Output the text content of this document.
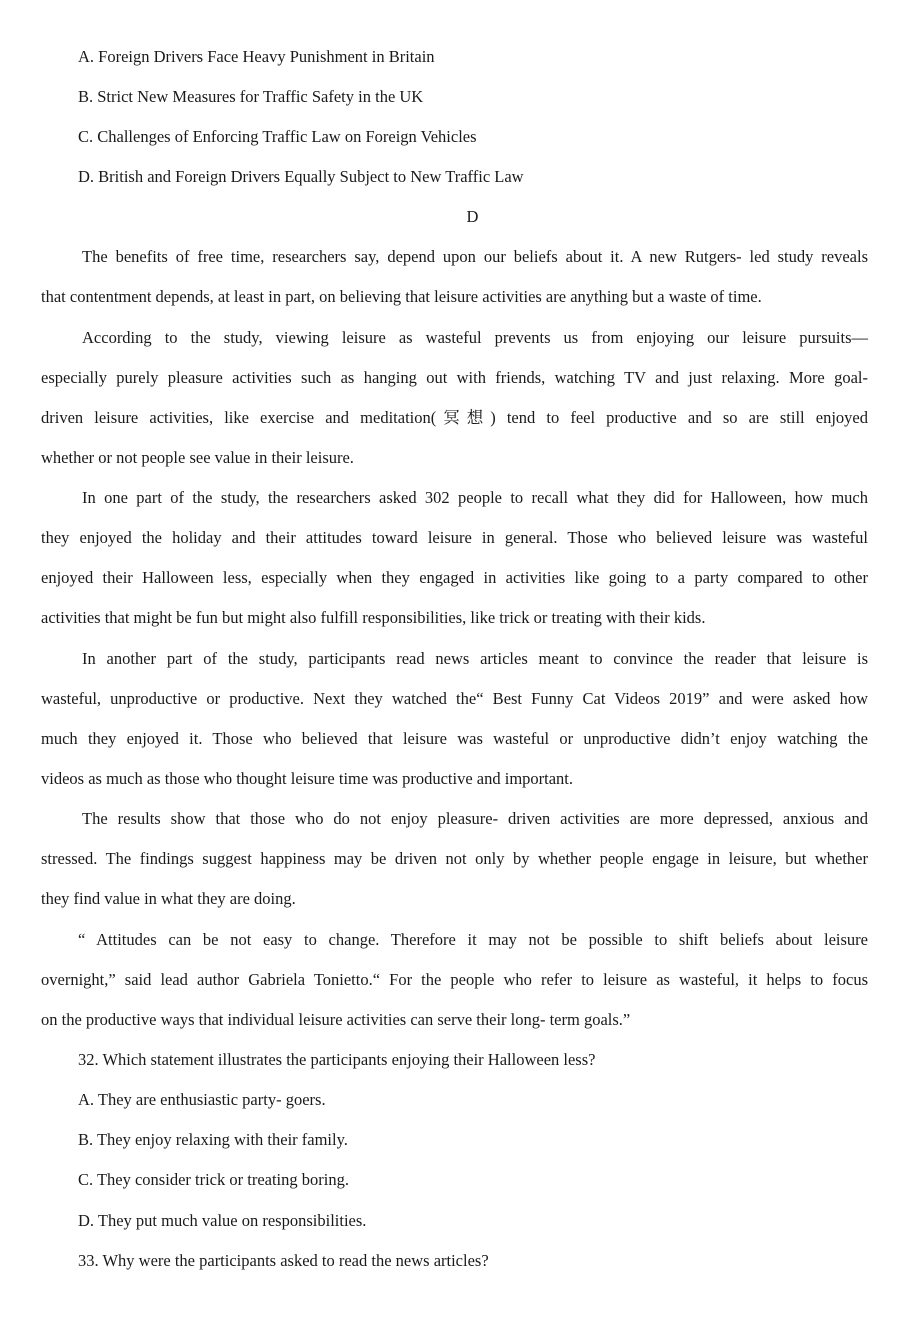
A. Foreign Drivers Face Heavy Punishment in Britain
B. Strict New Measures for Traffic Safety in the UK
C. Challenges of Enforcing Traffic Law on Foreign Vehicles
D. British and Foreign Drivers Equally Subject to New Traffic Law
D
The benefits of free time, researchers say, depend upon our beliefs about it. A new Rutgers- led study reveals
that contentment depends, at least in part, on believing that leisure activities are anything but a waste of time.
According to the study, viewing leisure as wasteful prevents us from enjoying our leisure pursuits—
especially purely pleasure activities such as hanging out with friends, watching TV and just relaxing. More goal-
driven leisure activities, like exercise and meditation(冥想) tend to feel productive and so are still enjoyed
whether or not people see value in their leisure.
In one part of the study, the researchers asked 302 people to recall what they did for Halloween, how much
they enjoyed the holiday and their attitudes toward leisure in general. Those who believed leisure was wasteful
enjoyed their Halloween less, especially when they engaged in activities like going to a party compared to other
activities that might be fun but might also fulfill responsibilities, like trick or treating with their kids.
In another part of the study, participants read news articles meant to convince the reader that leisure is
wasteful, unproductive or productive. Next they watched the“ Best Funny Cat Videos 2019” and were asked how
much they enjoyed it. Those who believed that leisure was wasteful or unproductive didn’t enjoy watching the
videos as much as those who thought leisure time was productive and important.
The results show that those who do not enjoy pleasure- driven activities are more depressed, anxious and
stressed. The findings suggest happiness may be driven not only by whether people engage in leisure, but whether
they find value in what they are doing.
“ Attitudes can be not easy to change. Therefore it may not be possible to shift beliefs about leisure
overnight,” said lead author Gabriela Tonietto.“ For the people who refer to leisure as wasteful, it helps to focus
on the productive ways that individual leisure activities can serve their long- term goals.”
32. Which statement illustrates the participants enjoying their Halloween less?
A. They are enthusiastic party- goers.
B. They enjoy relaxing with their family.
C. They consider trick or treating boring.
D. They put much value on responsibilities.
33. Why were the participants asked to read the news articles?
